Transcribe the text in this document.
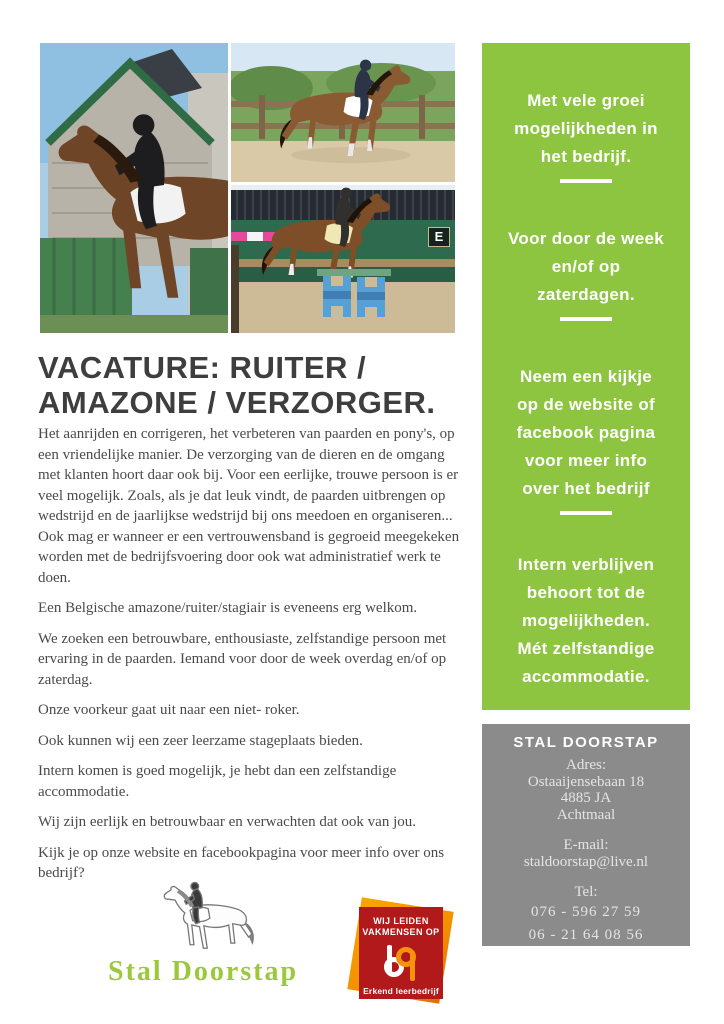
E
Met vele groei
mogelijkheden in
het bedrijf.
Voor door de week
en/of op
zaterdagen.
Neem een kijkje
op de website of
facebook pagina
voor meer info
over het bedrijf
Intern verblijven
behoort tot de
mogelijkheden.
Mét zelfstandige
accommodatie.
VACATURE: RUITER /
AMAZONE / VERZORGER.

Het aanrijden en corrigeren, het verbeteren van paarden en pony's, op een vriendelijke manier. De verzorging van de dieren en de omgang met klanten hoort daar ook bij. Voor een eerlijke, trouwe persoon is er veel mogelijk. Zoals, als je dat leuk vindt, de paarden uitbrengen op wedstrijd en de jaarlijkse wedstrijd bij ons meedoen en organiseren... Ook mag er wanneer er een vertrouwensband is gegroeid meegekeken worden met de bedrijfsvoering door ook wat administratief werk te doen.

Een Belgische amazone/ruiter/stagiair is eveneens erg welkom.

We zoeken een betrouwbare, enthousiaste, zelfstandige persoon met ervaring in de paarden. Iemand voor door de week overdag en/of op zaterdag.

Onze voorkeur gaat uit naar een niet- roker.

Ook kunnen wij een zeer leerzame stageplaats bieden.

Intern komen is goed mogelijk, je hebt dan een zelfstandige accommodatie.

Wij zijn eerlijk en betrouwbaar en verwachten dat ook van jou.

Kijk je op onze website en facebookpagina voor meer info over ons bedrijf?

STAL DOORSTAP
Adres:
Ostaaijensebaan 18
4885 JA
Achtmaal
E-mail:
staldoorstap@live.nl
Tel:
076 - 596 27 59
06 - 21 64 08 56
Stal Doorstap
WIJ LEIDEN
VAKMENSEN OP
Erkend leerbedrijf
